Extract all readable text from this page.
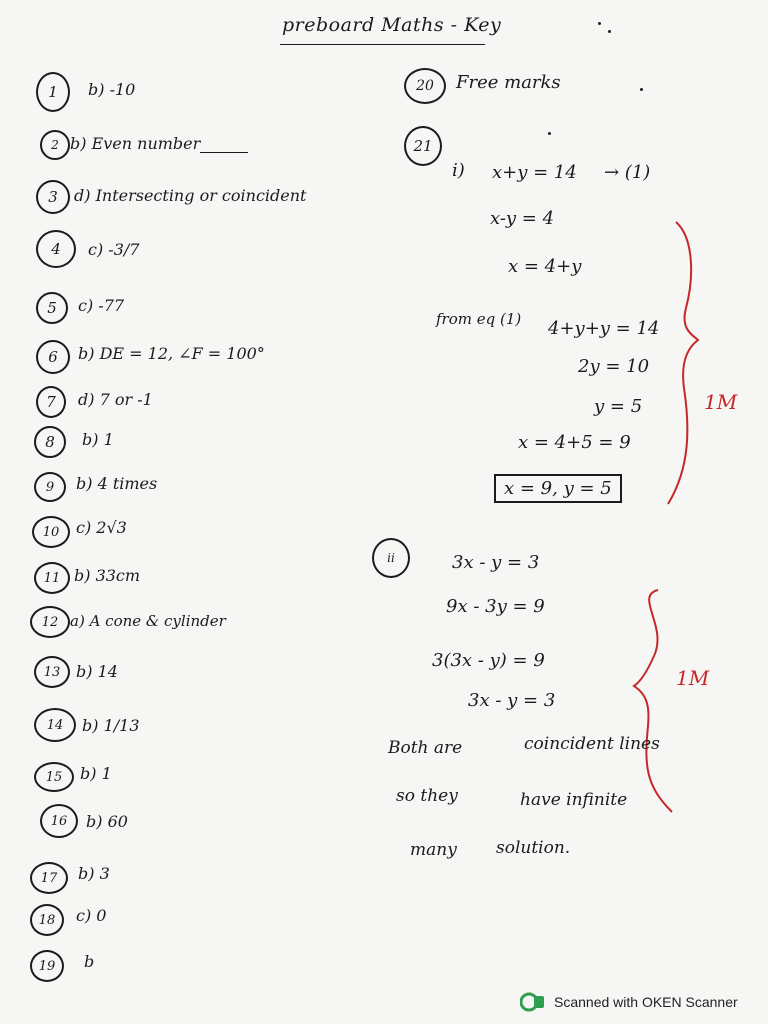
preboard Maths - Key
1	b) -10
2 b) Even number
3	d) Intersecting or coincident
4	c) -3/7
5	c) -77
6	b) DE = 12, ∠F = 100°
7	d) 7 or -1
8	b) 1
9	b) 4 times
10	c) 2√3
11 b) 33cm
12 a) A cone & cylinder
13 b) 14
14	b) 1/13
15	b) 1
16	b) 60
17	b) 3
18	c) 0
19	b
20	Free marks
21
i) x+y = 14 → (1)
x-y = 4
x = 4+y
from eq (1) 4+y+y = 14
2y = 10
y = 5
x = 4+5 = 9
x = 9, y = 5
1M
ii	3x - y = 3
9x - 3y = 9
3(3x - y) = 9
3x - y = 3
1M
Both are	coincident lines
so they	have infinite
many solution.
Scanned with OKEN Scanner
